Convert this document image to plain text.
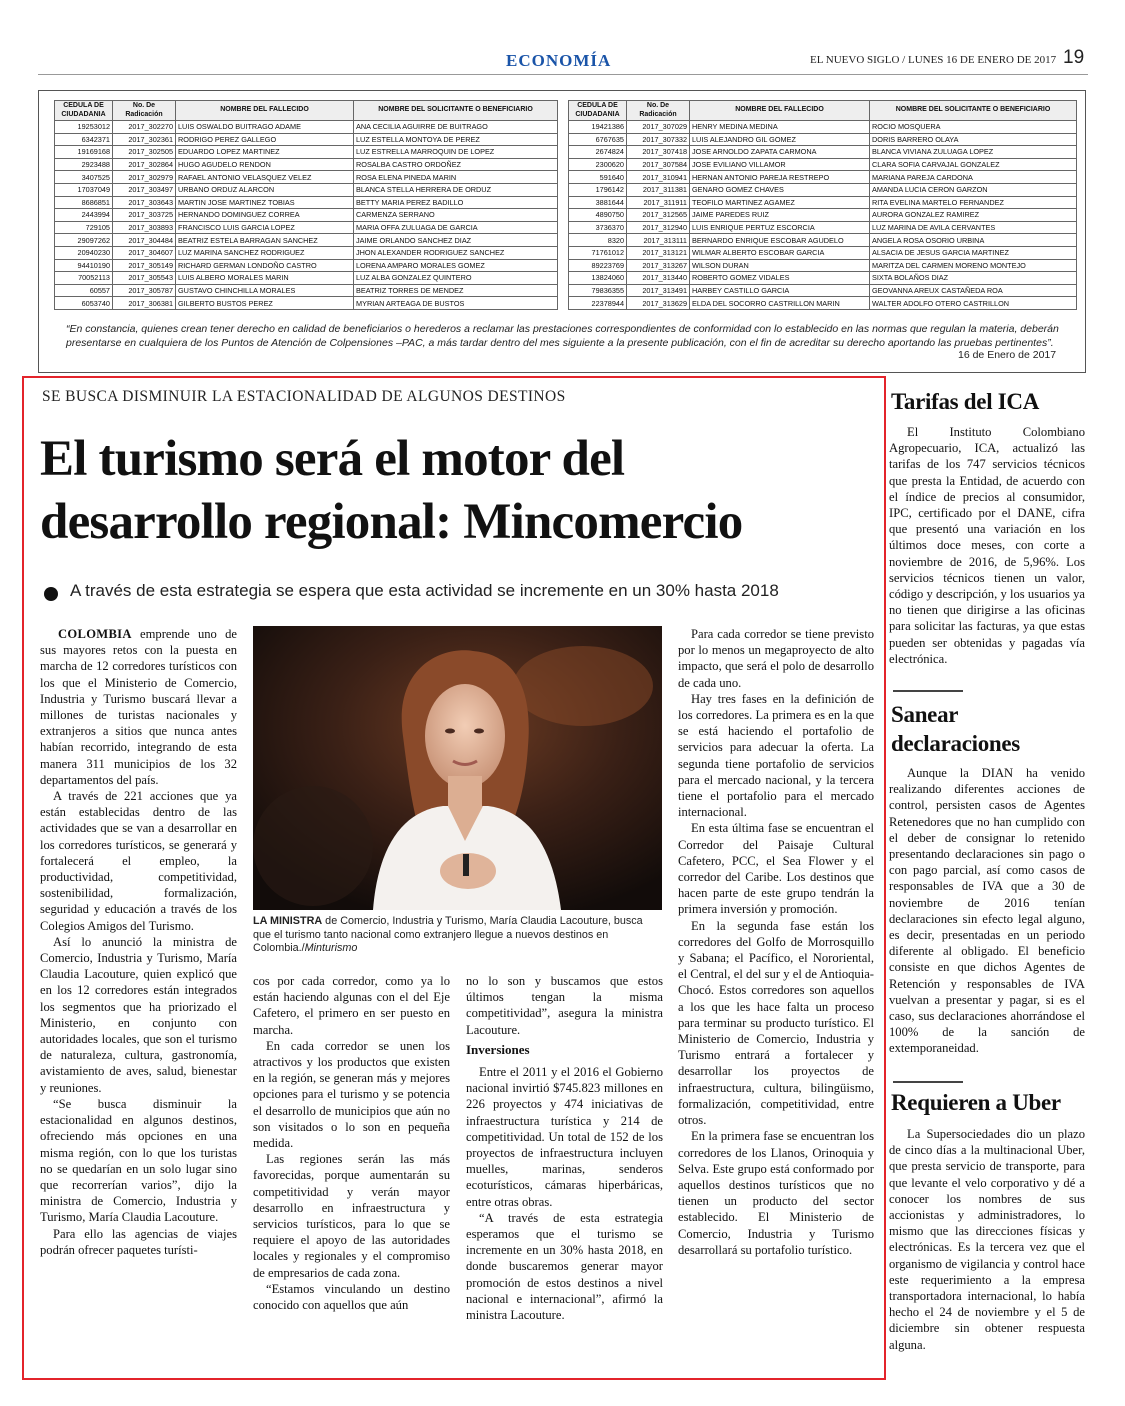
ECONOMÍA	EL NUEVO SIGLO / LUNES 16 DE ENERO DE 2017 19
CEDULA DE CIUDADANIA	No. De Radicación	NOMBRE DEL FALLECIDO	NOMBRE DEL SOLICITANTE O BENEFICIARIO
19253012	2017_302270	LUIS OSWALDO BUITRAGO ADAME	ANA CECILIA AGUIRRE DE BUITRAGO
6342371	2017_302361	RODRIGO PEREZ GALLEGO	LUZ ESTELLA MONTOYA DE PEREZ
19169168	2017_302505	EDUARDO LOPEZ MARTINEZ	LUZ ESTRELLA MARROQUIN DE LOPEZ
2923488	2017_302864	HUGO AGUDELO RENDON	ROSALBA CASTRO ORDOÑEZ
3407525	2017_302979	RAFAEL ANTONIO VELASQUEZ VELEZ	ROSA ELENA PINEDA MARIN
17037049	2017_303497	URBANO ORDUZ ALARCON	BLANCA STELLA HERRERA DE ORDUZ
8686851	2017_303643	MARTIN JOSE MARTINEZ TOBIAS	BETTY MARIA PEREZ BADILLO
2443994	2017_303725	HERNANDO DOMINGUEZ CORREA	CARMENZA SERRANO
729105	2017_303893	FRANCISCO LUIS GARCIA LOPEZ	MARIA OFFA ZULUAGA DE GARCIA
29097262	2017_304484	BEATRIZ ESTELA BARRAGAN SANCHEZ	JAIME ORLANDO SANCHEZ DIAZ
20940230	2017_304607	LUZ MARINA SANCHEZ RODRIGUEZ	JHON ALEXANDER RODRIGUEZ SANCHEZ
94410190	2017_305149	RICHARD GERMAN LONDOÑO CASTRO	LORENA AMPARO MORALES GOMEZ
70052113	2017_305543	LUIS ALBERO MORALES MARIN	LUZ ALBA GONZALEZ QUINTERO
60557	2017_305787	GUSTAVO CHINCHILLA MORALES	BEATRIZ TORRES DE MENDEZ
6053740	2017_306381	GILBERTO BUSTOS PEREZ	MYRIAN ARTEAGA DE BUSTOS
CEDULA DE CIUDADANIA	No. De Radicación	NOMBRE DEL FALLECIDO	NOMBRE DEL SOLICITANTE O BENEFICIARIO
19421386	2017_307029	HENRY MEDINA MEDINA	ROCIO MOSQUERA
6767635	2017_307332	LUIS ALEJANDRO GIL GOMEZ	DORIS BARRERO OLAYA
2674824	2017_307418	JOSE ARNOLDO ZAPATA CARMONA	BLANCA VIVIANA ZULUAGA LOPEZ
2300620	2017_307584	JOSE EVILIANO VILLAMOR	CLARA SOFIA CARVAJAL GONZALEZ
591640	2017_310941	HERNAN ANTONIO PAREJA RESTREPO	MARIANA PAREJA CARDONA
1796142	2017_311381	GENARO GOMEZ CHAVES	AMANDA LUCIA CERON GARZON
3881644	2017_311911	TEOFILO MARTINEZ AGAMEZ	RITA EVELINA MARTELO FERNANDEZ
4890750	2017_312565	JAIME PAREDES RUIZ	AURORA GONZALEZ RAMIREZ
3736370	2017_312940	LUIS ENRIQUE PERTUZ ESCORCIA	LUZ MARINA DE AVILA CERVANTES
8320	2017_313111	BERNARDO ENRIQUE ESCOBAR AGUDELO	ANGELA ROSA OSORIO URBINA
71761012	2017_313121	WILMAR ALBERTO ESCOBAR GARCIA	ALSACIA DE JESUS GARCIA MARTINEZ
89223769	2017_313267	WILSON DURAN	MARITZA DEL CARMEN MORENO MONTEJO
13824060	2017_313440	ROBERTO GOMEZ VIDALES	SIXTA BOLAÑOS DIAZ
79836355	2017_313491	HARBEY CASTILLO GARCIA	GEOVANNA AREUX CASTAÑEDA ROA
22378944	2017_313629	ELDA DEL SOCORRO CASTRILLON MARIN	WALTER ADOLFO OTERO CASTRILLON
“En constancia, quienes crean tener derecho en calidad de beneficiarios o herederos a reclamar las prestaciones correspondientes de conformidad con lo establecido en las normas que regulan la materia, deberán presentarse en cualquiera de los Puntos de Atención de Colpensiones –PAC, a más tardar dentro del mes siguiente a la presente publicación, con el fin de acreditar su derecho aportando las pruebas pertinentes”.
16 de Enero de 2017
SE BUSCA DISMINUIR LA ESTACIONALIDAD DE ALGUNOS DESTINOS
El turismo será el motor del
desarrollo regional: Mincomercio
A través de esta estrategia se espera que esta actividad se incremente en un 30% hasta 2018

COLOMBIA emprende uno de sus mayores retos con la puesta en marcha de 12 corredores turísticos con los que el Ministerio de Comercio, Industria y Turismo buscará llevar a millones de turistas nacionales y extranjeros a sitios que nunca antes habían recorrido, integrando de esta manera 311 municipios de los 32 departamentos del país.

A través de 221 acciones que ya están establecidas dentro de las actividades que se van a desarrollar en los corredores turísticos, se generará y fortalecerá el empleo, la productividad, competitividad, sostenibilidad, formalización, seguridad y educación a través de los Colegios Amigos del Turismo.

Así lo anunció la ministra de Comercio, Industria y Turismo, María Claudia Lacouture, quien explicó que en los 12 corredores están integrados los segmentos que ha priorizado el Ministerio, en conjunto con autoridades locales, que son el turismo de naturaleza, cultura, gastronomía, avistamiento de aves, salud, bienestar y reuniones.

“Se busca disminuir la estacionalidad en algunos destinos, ofreciendo más opciones en una misma región, con lo que los turistas no se quedarían en un solo lugar sino que recorrerían varios”, dijo la ministra de Comercio, Industria y Turismo, María Claudia Lacouture.

Para ello las agencias de viajes podrán ofrecer paquetes turísti-

LA MINISTRA de Comercio, Industria y Turismo, María Claudia Lacouture, busca que el turismo tanto nacional como extranjero llegue a nuevos destinos en Colombia./Minturismo

cos por cada corredor, como ya lo están haciendo algunas con el del Eje Cafetero, el primero en ser puesto en marcha.

En cada corredor se unen los atractivos y los productos que existen en la región, se generan más y mejores opciones para el turismo y se potencia el desarrollo de municipios que aún no son visitados o lo son en pequeña medida.

Las regiones serán las más favorecidas, porque aumentarán su competitividad y verán mayor desarrollo en infraestructura y servicios turísticos, para lo que se requiere el apoyo de las autoridades locales y regionales y el compromiso de empresarios de cada zona.

“Estamos vinculando un destino conocido con aquellos que aún

no lo son y buscamos que estos últimos tengan la misma competitividad”, asegura la ministra Lacouture.

Inversiones

Entre el 2011 y el 2016 el Gobierno nacional invirtió $745.823 millones en 226 proyectos y 474 iniciativas de infraestructura turística y 214 de competitividad. Un total de 152 de los proyectos de infraestructura incluyen muelles, marinas, senderos ecoturísticos, cámaras hiperbáricas, entre otras obras.

“A través de esta estrategia esperamos que el turismo se incremente en un 30% hasta 2018, en donde buscaremos generar mayor promoción de estos destinos a nivel nacional e internacional”, afirmó la ministra Lacouture.

Para cada corredor se tiene previsto por lo menos un megaproyecto de alto impacto, que será el polo de desarrollo de cada uno.

Hay tres fases en la definición de los corredores. La primera es en la que se está haciendo el portafolio de servicios para adecuar la oferta. La segunda tiene portafolio de servicios para el mercado nacional, y la tercera tiene el portafolio para el mercado internacional.

En esta última fase se encuentran el Corredor del Paisaje Cultural Cafetero, PCC, el Sea Flower y el corredor del Caribe. Los destinos que hacen parte de este grupo tendrán la primera inversión y promoción.

En la segunda fase están los corredores del Golfo de Morrosquillo y Sabana; el Pacífico, el Nororiental, el Central, el del sur y el de Antioquia-Chocó. Estos corredores son aquellos a los que les hace falta un proceso para terminar su producto turístico. El Ministerio de Comercio, Industria y Turismo entrará a fortalecer y desarrollar los proyectos de infraestructura, cultura, bilingüismo, formalización, competitividad, entre otros.

En la primera fase se encuentran los corredores de los Llanos, Orinoquia y Selva. Este grupo está conformado por aquellos destinos turísticos que no tienen un producto del sector establecido. El Ministerio de Comercio, Industria y Turismo desarrollará su portafolio turístico.

Tarifas del ICA

El Instituto Colombiano Agropecuario, ICA, actualizó las tarifas de los 747 servicios técnicos que presta la Entidad, de acuerdo con el índice de precios al consumidor, IPC, certificado por el DANE, cifra que presentó una variación en los últimos doce meses, con corte a noviembre de 2016, de 5,96%. Los servicios técnicos tienen un valor, código y descripción, y los usuarios ya no tienen que dirigirse a las oficinas para solicitar las facturas, ya que estas pueden ser obtenidas y pagadas vía electrónica.

Sanear declaraciones

Aunque la DIAN ha venido realizando diferentes acciones de control, persisten casos de Agentes Retenedores que no han cumplido con el deber de consignar lo retenido presentando declaraciones sin pago o con pago parcial, así como casos de responsables de IVA que a 30 de noviembre de 2016 tenían declaraciones sin efecto legal alguno, es decir, presentadas en un periodo diferente al obligado. El beneficio consiste en que dichos Agentes de Retención y responsables de IVA vuelvan a presentar y pagar, si es el caso, sus declaraciones ahorrándose el 100% de la sanción de extemporaneidad.

Requieren a Uber

La Supersociedades dio un plazo de cinco días a la multinacional Uber, que presta servicio de transporte, para que levante el velo corporativo y dé a conocer los nombres de sus accionistas y administradores, lo mismo que las direcciones físicas y electrónicas. Es la tercera vez que el organismo de vigilancia y control hace este requerimiento a la empresa transportadora internacional, lo había hecho el 24 de noviembre y el 5 de diciembre sin obtener respuesta alguna.
